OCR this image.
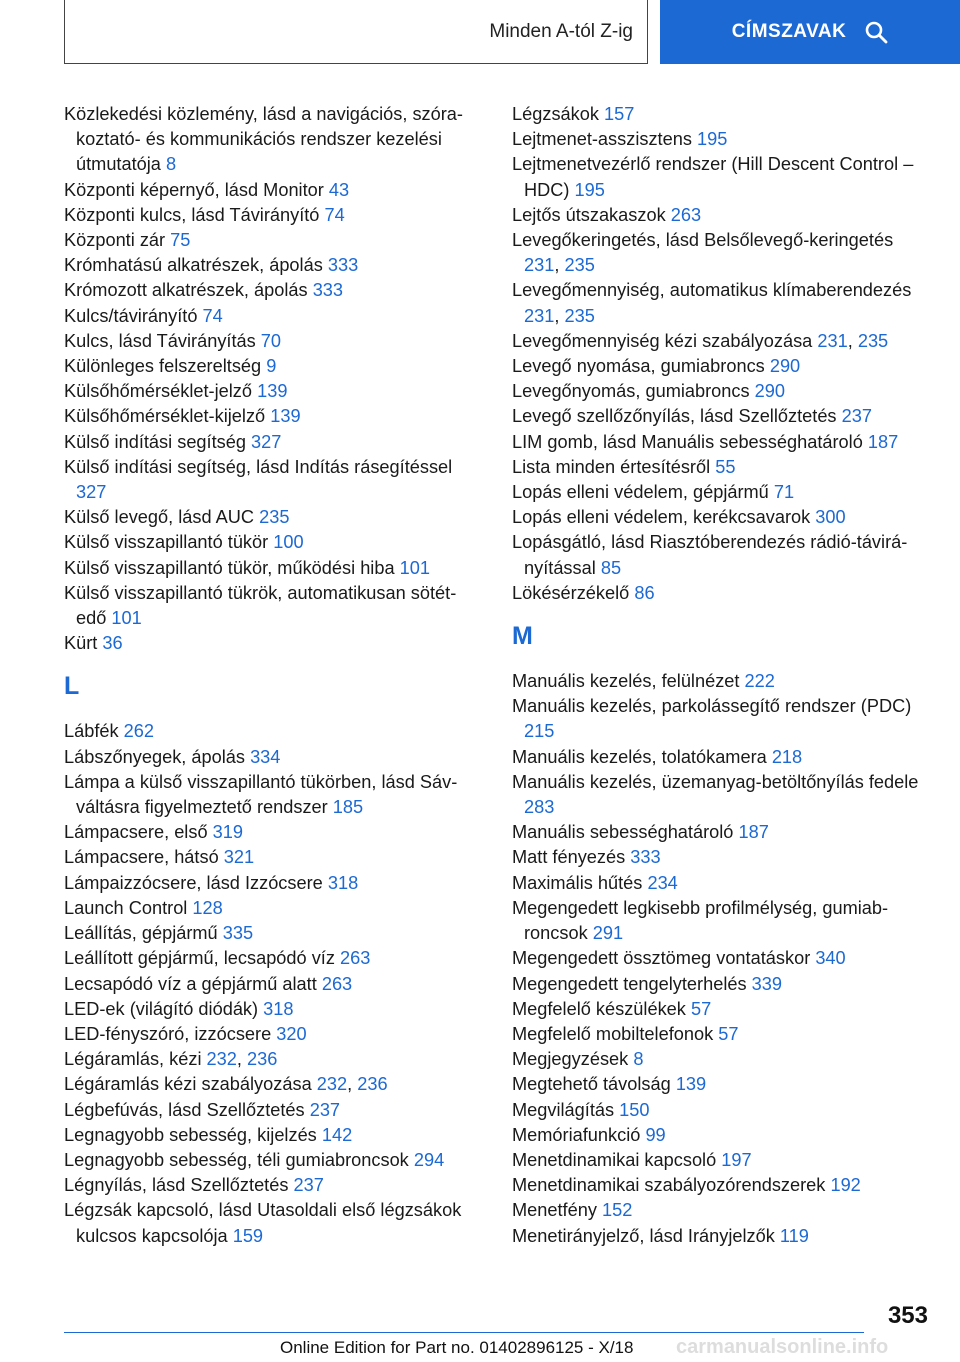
Minden A-tól Z-ig	CÍMSZAVAK
Közlekedési közlemény, lásd a navigációs, szórakoztató- és kommunikációs rendszer kezelési útmutatója 8
Központi képernyő, lásd Monitor 43
Központi kulcs, lásd Távirányító 74
Központi zár 75
Krómhatású alkatrészek, ápolás 333
Krómozott alkatrészek, ápolás 333
Kulcs/távirányító 74
Kulcs, lásd Távirányítás 70
Különleges felszereltség 9
Külsőhőmérséklet-jelző 139
Külsőhőmérséklet-kijelző 139
Külső indítási segítség 327
Külső indítási segítség, lásd Indítás rásegítéssel 327
Külső levegő, lásd AUC 235
Külső visszapillantó tükör 100
Külső visszapillantó tükör, működési hiba 101
Külső visszapillantó tükrök, automatikusan sötétedő 101
Kürt 36
L
Lábfék 262
Lábszőnyegek, ápolás 334
Lámpa a külső visszapillantó tükörben, lásd Sávváltásra figyelmeztető rendszer 185
Lámpacsere, első 319
Lámpacsere, hátsó 321
Lámpaizzócsere, lásd Izzócsere 318
Launch Control 128
Leállítás, gépjármű 335
Leállított gépjármű, lecsapódó víz 263
Lecsapódó víz a gépjármű alatt 263
LED-ek (világító diódák) 318
LED-fényszóró, izzócsere 320
Légáramlás, kézi 232, 236
Légáramlás kézi szabályozása 232, 236
Légbefúvás, lásd Szellőztetés 237
Legnagyobb sebesség, kijelzés 142
Legnagyobb sebesség, téli gumiabroncsok 294
Légnyílás, lásd Szellőztetés 237
Légzsák kapcsoló, lásd Utasoldali első légzsákok kulcsos kapcsolója 159
Légzsákok 157
Lejtmenet-asszisztens 195
Lejtmenetvezérlő rendszer (Hill Descent Control – HDC) 195
Lejtős útszakaszok 263
Levegőkeringetés, lásd Belsőlevegő-keringetés 231, 235
Levegőmennyiség, automatikus klímaberendezés 231, 235
Levegőmennyiség kézi szabályozása 231, 235
Levegő nyomása, gumiabroncs 290
Levegőnyomás, gumiabroncs 290
Levegő szellőzőnyílás, lásd Szellőztetés 237
LIM gomb, lásd Manuális sebességhatároló 187
Lista minden értesítésről 55
Lopás elleni védelem, gépjármű 71
Lopás elleni védelem, kerékcsavarok 300
Lopásgátló, lásd Riasztóberendezés rádió-távirányítással 85
Lökésérzékelő 86
M
Manuális kezelés, felülnézet 222
Manuális kezelés, parkolássegítő rendszer (PDC) 215
Manuális kezelés, tolatókamera 218
Manuális kezelés, üzemanyag-betöltőnyílás fedele 283
Manuális sebességhatároló 187
Matt fényezés 333
Maximális hűtés 234
Megengedett legkisebb profilmélység, gumiabroncsok 291
Megengedett össztömeg vontatáskor 340
Megengedett tengelyterhelés 339
Megfelelő készülékek 57
Megfelelő mobiltelefonok 57
Megjegyzések 8
Megtehető távolság 139
Megvilágítás 150
Memóriafunkció 99
Menetdinamikai kapcsoló 197
Menetdinamikai szabályozórendszerek 192
Menetfény 152
Menetirányjelző, lásd Irányjelzők 119
353
Online Edition for Part no. 01402896125 - X/18 carmanualsonline.info
